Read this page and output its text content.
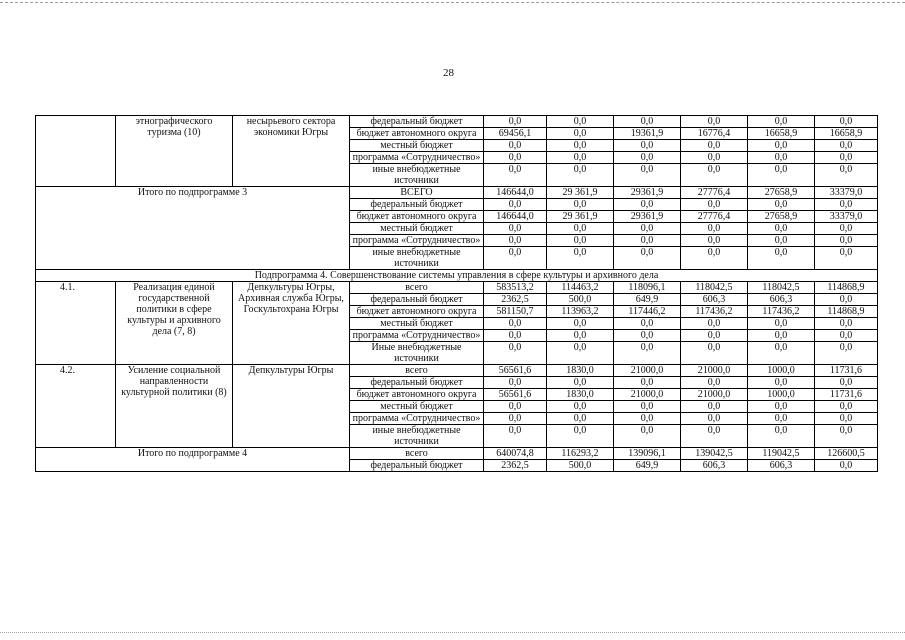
28
	этнографического туризма (10)	несырьевого сектора экономики Югры	федеральный бюджет	0,0	0,0	0,0	0,0	0,0	0,0
			бюджет автономного округа	69456,1	0,0	19361,9	16776,4	16658,9	16658,9
			местный бюджет	0,0	0,0	0,0	0,0	0,0	0,0
			программа «Сотрудничество»	0,0	0,0	0,0	0,0	0,0	0,0
			иные внебюджетные источники	0,0	0,0	0,0	0,0	0,0	0,0
Итого по подпрограмме 3			ВСЕГО	146644,0	29 361,9	29361,9	27776,4	27658,9	33379,0
			федеральный бюджет	0,0	0,0	0,0	0,0	0,0	0,0
			бюджет автономного округа	146644,0	29 361,9	29361,9	27776,4	27658,9	33379,0
			местный бюджет	0,0	0,0	0,0	0,0	0,0	0,0
			программа «Сотрудничество»	0,0	0,0	0,0	0,0	0,0	0,0
			иные внебюджетные источники	0,0	0,0	0,0	0,0	0,0	0,0
Подпрограмма 4. Совершенствование системы управления в сфере культуры и архивного дела									
4.1.	Реализация единой государственной политики в сфере культуры и архивного дела (7, 8)	Депкультуры Югры, Архивная служба Югры, Госкультохрана Югры	всего	583513,2	114463,2	118096,1	118042,5	118042,5	114868,9
			федеральный бюджет	2362,5	500,0	649,9	606,3	606,3	0,0
			бюджет автономного округа	581150,7	113963,2	117446,2	117436,2	117436,2	114868,9
			местный бюджет	0,0	0,0	0,0	0,0	0,0	0,0
			программа «Сотрудничество»	0,0	0,0	0,0	0,0	0,0	0,0
			Иные внебюджетные источники	0,0	0,0	0,0	0,0	0,0	0,0
4.2.	Усиление социальной направленности культурной политики (8)	Депкультуры Югры	всего	56561,6	1830,0	21000,0	21000,0	1000,0	11731,6
			федеральный бюджет	0,0	0,0	0,0	0,0	0,0	0,0
			бюджет автономного округа	56561,6	1830,0	21000,0	21000,0	1000,0	11731,6
			местный бюджет	0,0	0,0	0,0	0,0	0,0	0,0
			программа «Сотрудничество»	0,0	0,0	0,0	0,0	0,0	0,0
			иные внебюджетные источники	0,0	0,0	0,0	0,0	0,0	0,0
Итого по подпрограмме 4			всего	640074,8	116293,2	139096,1	139042,5	119042,5	126600,5
			федеральный бюджет	2362,5	500,0	649,9	606,3	606,3	0,0
